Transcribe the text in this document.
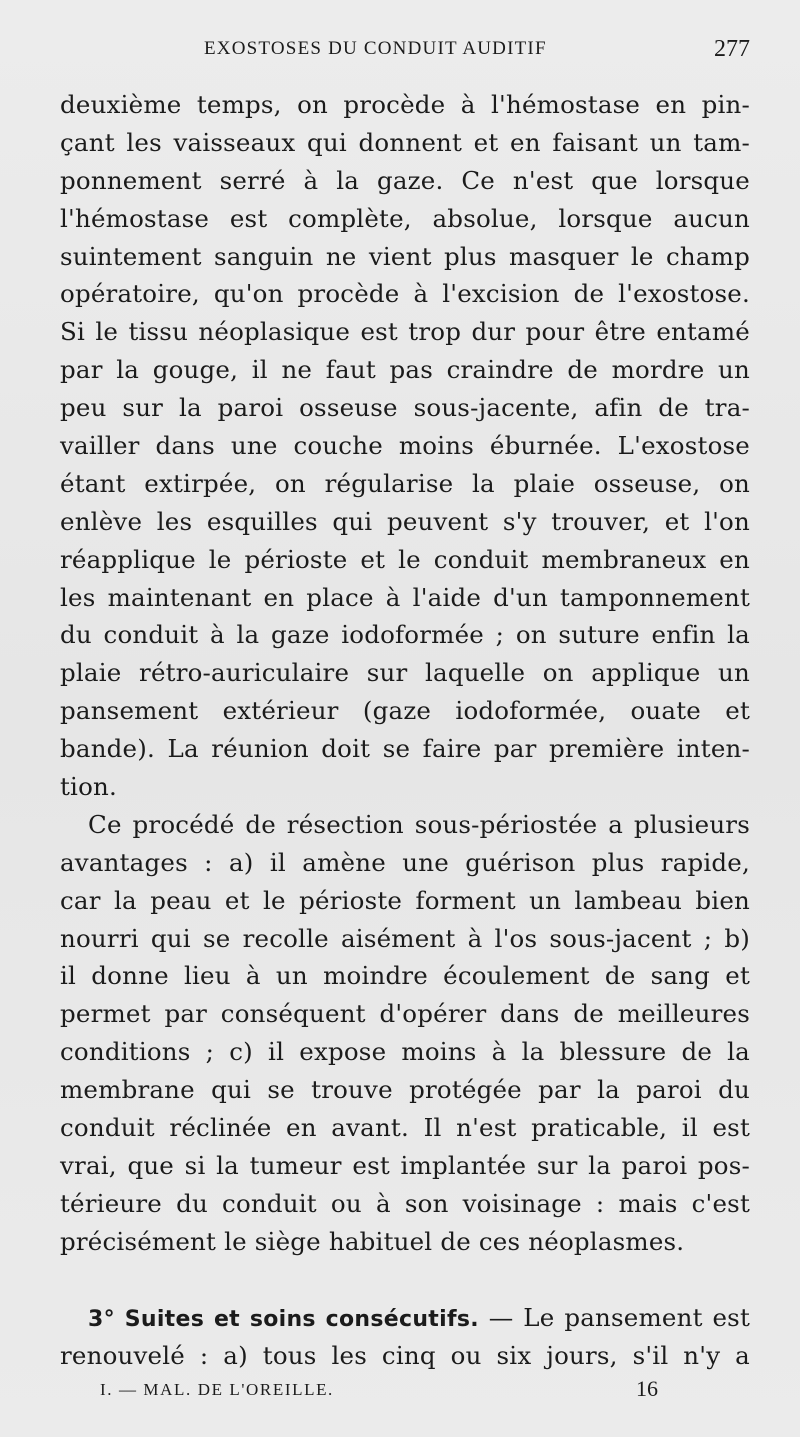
EXOSTOSES DU CONDUIT AUDITIF	277
deuxième temps, on procède à l'hémostase en pin-
çant les vaisseaux qui donnent et en faisant un tam-
ponnement serré à la gaze. Ce n'est que lorsque
l'hémostase est complète, absolue, lorsque aucun
suintement sanguin ne vient plus masquer le champ
opératoire, qu'on procède à l'excision de l'exostose.
Si le tissu néoplasique est trop dur pour être entamé
par la gouge, il ne faut pas craindre de mordre un
peu sur la paroi osseuse sous-jacente, afin de tra-
vailler dans une couche moins éburnée. L'exostose
étant extirpée, on régularise la plaie osseuse, on
enlève les esquilles qui peuvent s'y trouver, et l'on
réapplique le périoste et le conduit membraneux en
les maintenant en place à l'aide d'un tamponnement
du conduit à la gaze iodoformée ; on suture enfin la
plaie rétro-auriculaire sur laquelle on applique un
pansement extérieur (gaze iodoformée, ouate et
bande). La réunion doit se faire par première inten-
tion.
Ce procédé de résection sous-périostée a plusieurs
avantages : a) il amène une guérison plus rapide,
car la peau et le périoste forment un lambeau bien
nourri qui se recolle aisément à l'os sous-jacent ; b)
il donne lieu à un moindre écoulement de sang et
permet par conséquent d'opérer dans de meilleures
conditions ; c) il expose moins à la blessure de la
membrane qui se trouve protégée par la paroi du
conduit réclinée en avant. Il n'est praticable, il est
vrai, que si la tumeur est implantée sur la paroi pos-
térieure du conduit ou à son voisinage : mais c'est
précisément le siège habituel de ces néoplasmes.
3° Suites et soins consécutifs. — Le pansement est
renouvelé : a) tous les cinq ou six jours, s'il n'y a
I. — MAL. DE L'OREILLE.	16
